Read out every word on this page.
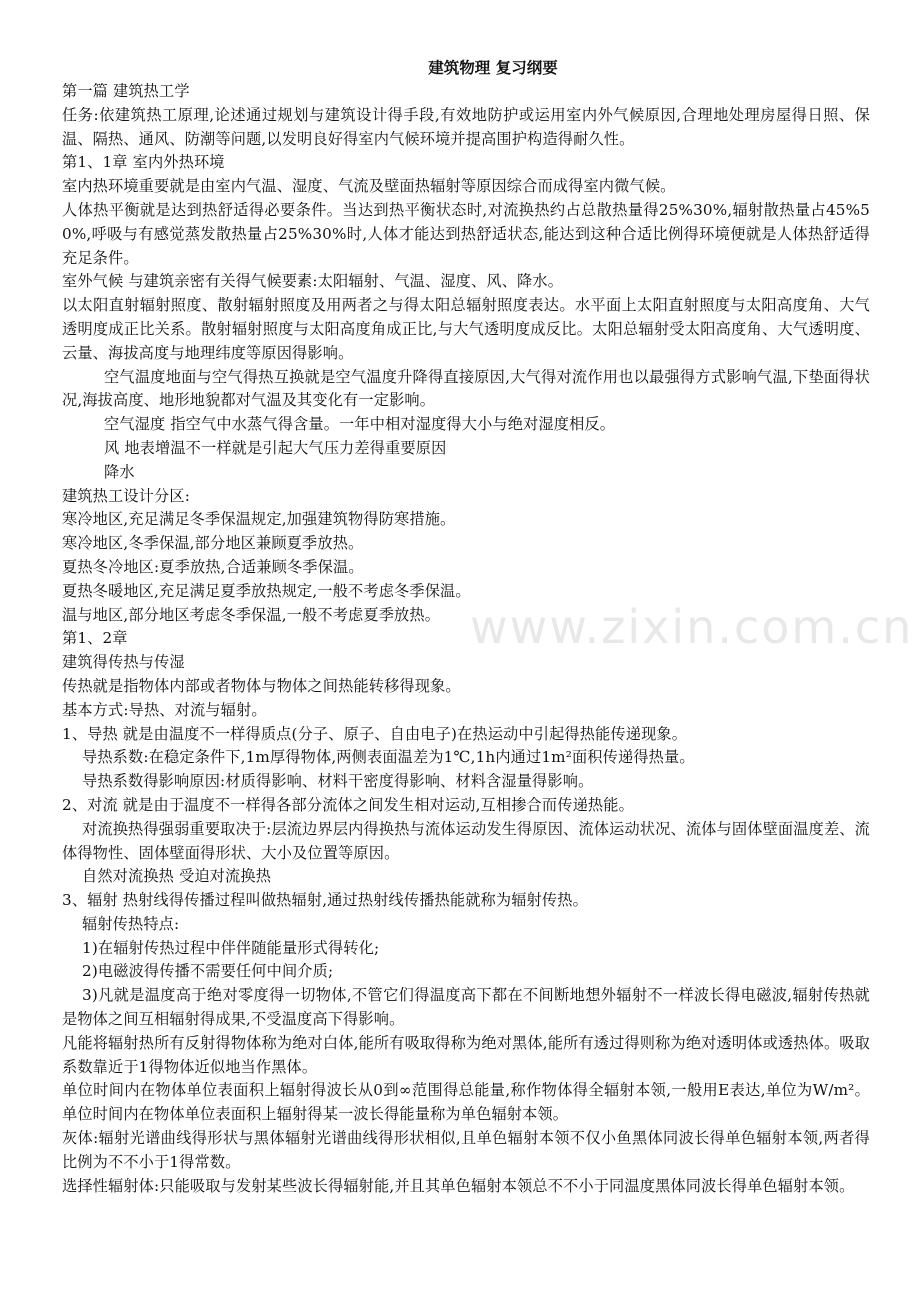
建筑物理 复习纲要

第一篇 建筑热工学

任务:依建筑热工原理,论述通过规划与建筑设计得手段,有效地防护或运用室内外气候原因,合理地处理房屋得日照、保温、隔热、通风、防潮等问题,以发明良好得室内气候环境并提高围护构造得耐久性。

第1、1章 室内外热环境

室内热环境重要就是由室内气温、湿度、气流及壁面热辐射等原因综合而成得室内微气候。

人体热平衡就是达到热舒适得必要条件。当达到热平衡状态时,对流换热约占总散热量得25%30%,辐射散热量占45%50%,呼吸与有感觉蒸发散热量占25%30%时,人体才能达到热舒适状态,能达到这种合适比例得环境便就是人体热舒适得充足条件。

室外气候 与建筑亲密有关得气候要素:太阳辐射、气温、湿度、风、降水。

以太阳直射辐射照度、散射辐射照度及用两者之与得太阳总辐射照度表达。水平面上太阳直射照度与太阳高度角、大气透明度成正比关系。散射辐射照度与太阳高度角成正比,与大气透明度成反比。太阳总辐射受太阳高度角、大气透明度、云量、海拔高度与地理纬度等原因得影响。

空气温度地面与空气得热互换就是空气温度升降得直接原因,大气得对流作用也以最强得方式影响气温,下垫面得状况,海拔高度、地形地貌都对气温及其变化有一定影响。

空气湿度 指空气中水蒸气得含量。一年中相对湿度得大小与绝对湿度相反。

风 地表增温不一样就是引起大气压力差得重要原因

降水

建筑热工设计分区:

寒冷地区,充足满足冬季保温规定,加强建筑物得防寒措施。

寒冷地区,冬季保温,部分地区兼顾夏季放热。

夏热冬冷地区:夏季放热,合适兼顾冬季保温。

夏热冬暖地区,充足满足夏季放热规定,一般不考虑冬季保温。

温与地区,部分地区考虑冬季保温,一般不考虑夏季放热。

第1、2章

建筑得传热与传湿

传热就是指物体内部或者物体与物体之间热能转移得现象。

基本方式:导热、对流与辐射。

1、导热 就是由温度不一样得质点(分子、原子、自由电子)在热运动中引起得热能传递现象。

导热系数:在稳定条件下,1m厚得物体,两侧表面温差为1℃,1h内通过1m²面积传递得热量。

导热系数得影响原因:材质得影响、材料干密度得影响、材料含湿量得影响。

2、对流 就是由于温度不一样得各部分流体之间发生相对运动,互相掺合而传递热能。

对流换热得强弱重要取决于:层流边界层内得换热与流体运动发生得原因、流体运动状况、流体与固体壁面温度差、流体得物性、固体壁面得形状、大小及位置等原因。

自然对流换热 受迫对流换热

3、辐射 热射线得传播过程叫做热辐射,通过热射线传播热能就称为辐射传热。

辐射传热特点:

1)在辐射传热过程中伴伴随能量形式得转化;

2)电磁波得传播不需要任何中间介质;

3)凡就是温度高于绝对零度得一切物体,不管它们得温度高下都在不间断地想外辐射不一样波长得电磁波,辐射传热就是物体之间互相辐射得成果,不受温度高下得影响。

凡能将辐射热所有反射得物体称为绝对白体,能所有吸取得称为绝对黑体,能所有透过得则称为绝对透明体或透热体。吸取系数靠近于1得物体近似地当作黑体。

单位时间内在物体单位表面积上辐射得波长从0到∞范围得总能量,称作物体得全辐射本领,一般用E表达,单位为W/m²。单位时间内在物体单位表面积上辐射得某一波长得能量称为单色辐射本领。

灰体:辐射光谱曲线得形状与黑体辐射光谱曲线得形状相似,且单色辐射本领不仅小鱼黑体同波长得单色辐射本领,两者得比例为不不小于1得常数。

选择性辐射体:只能吸取与发射某些波长得辐射能,并且其单色辐射本领总不不小于同温度黑体同波长得单色辐射本领。

www.zixin.com.cn
